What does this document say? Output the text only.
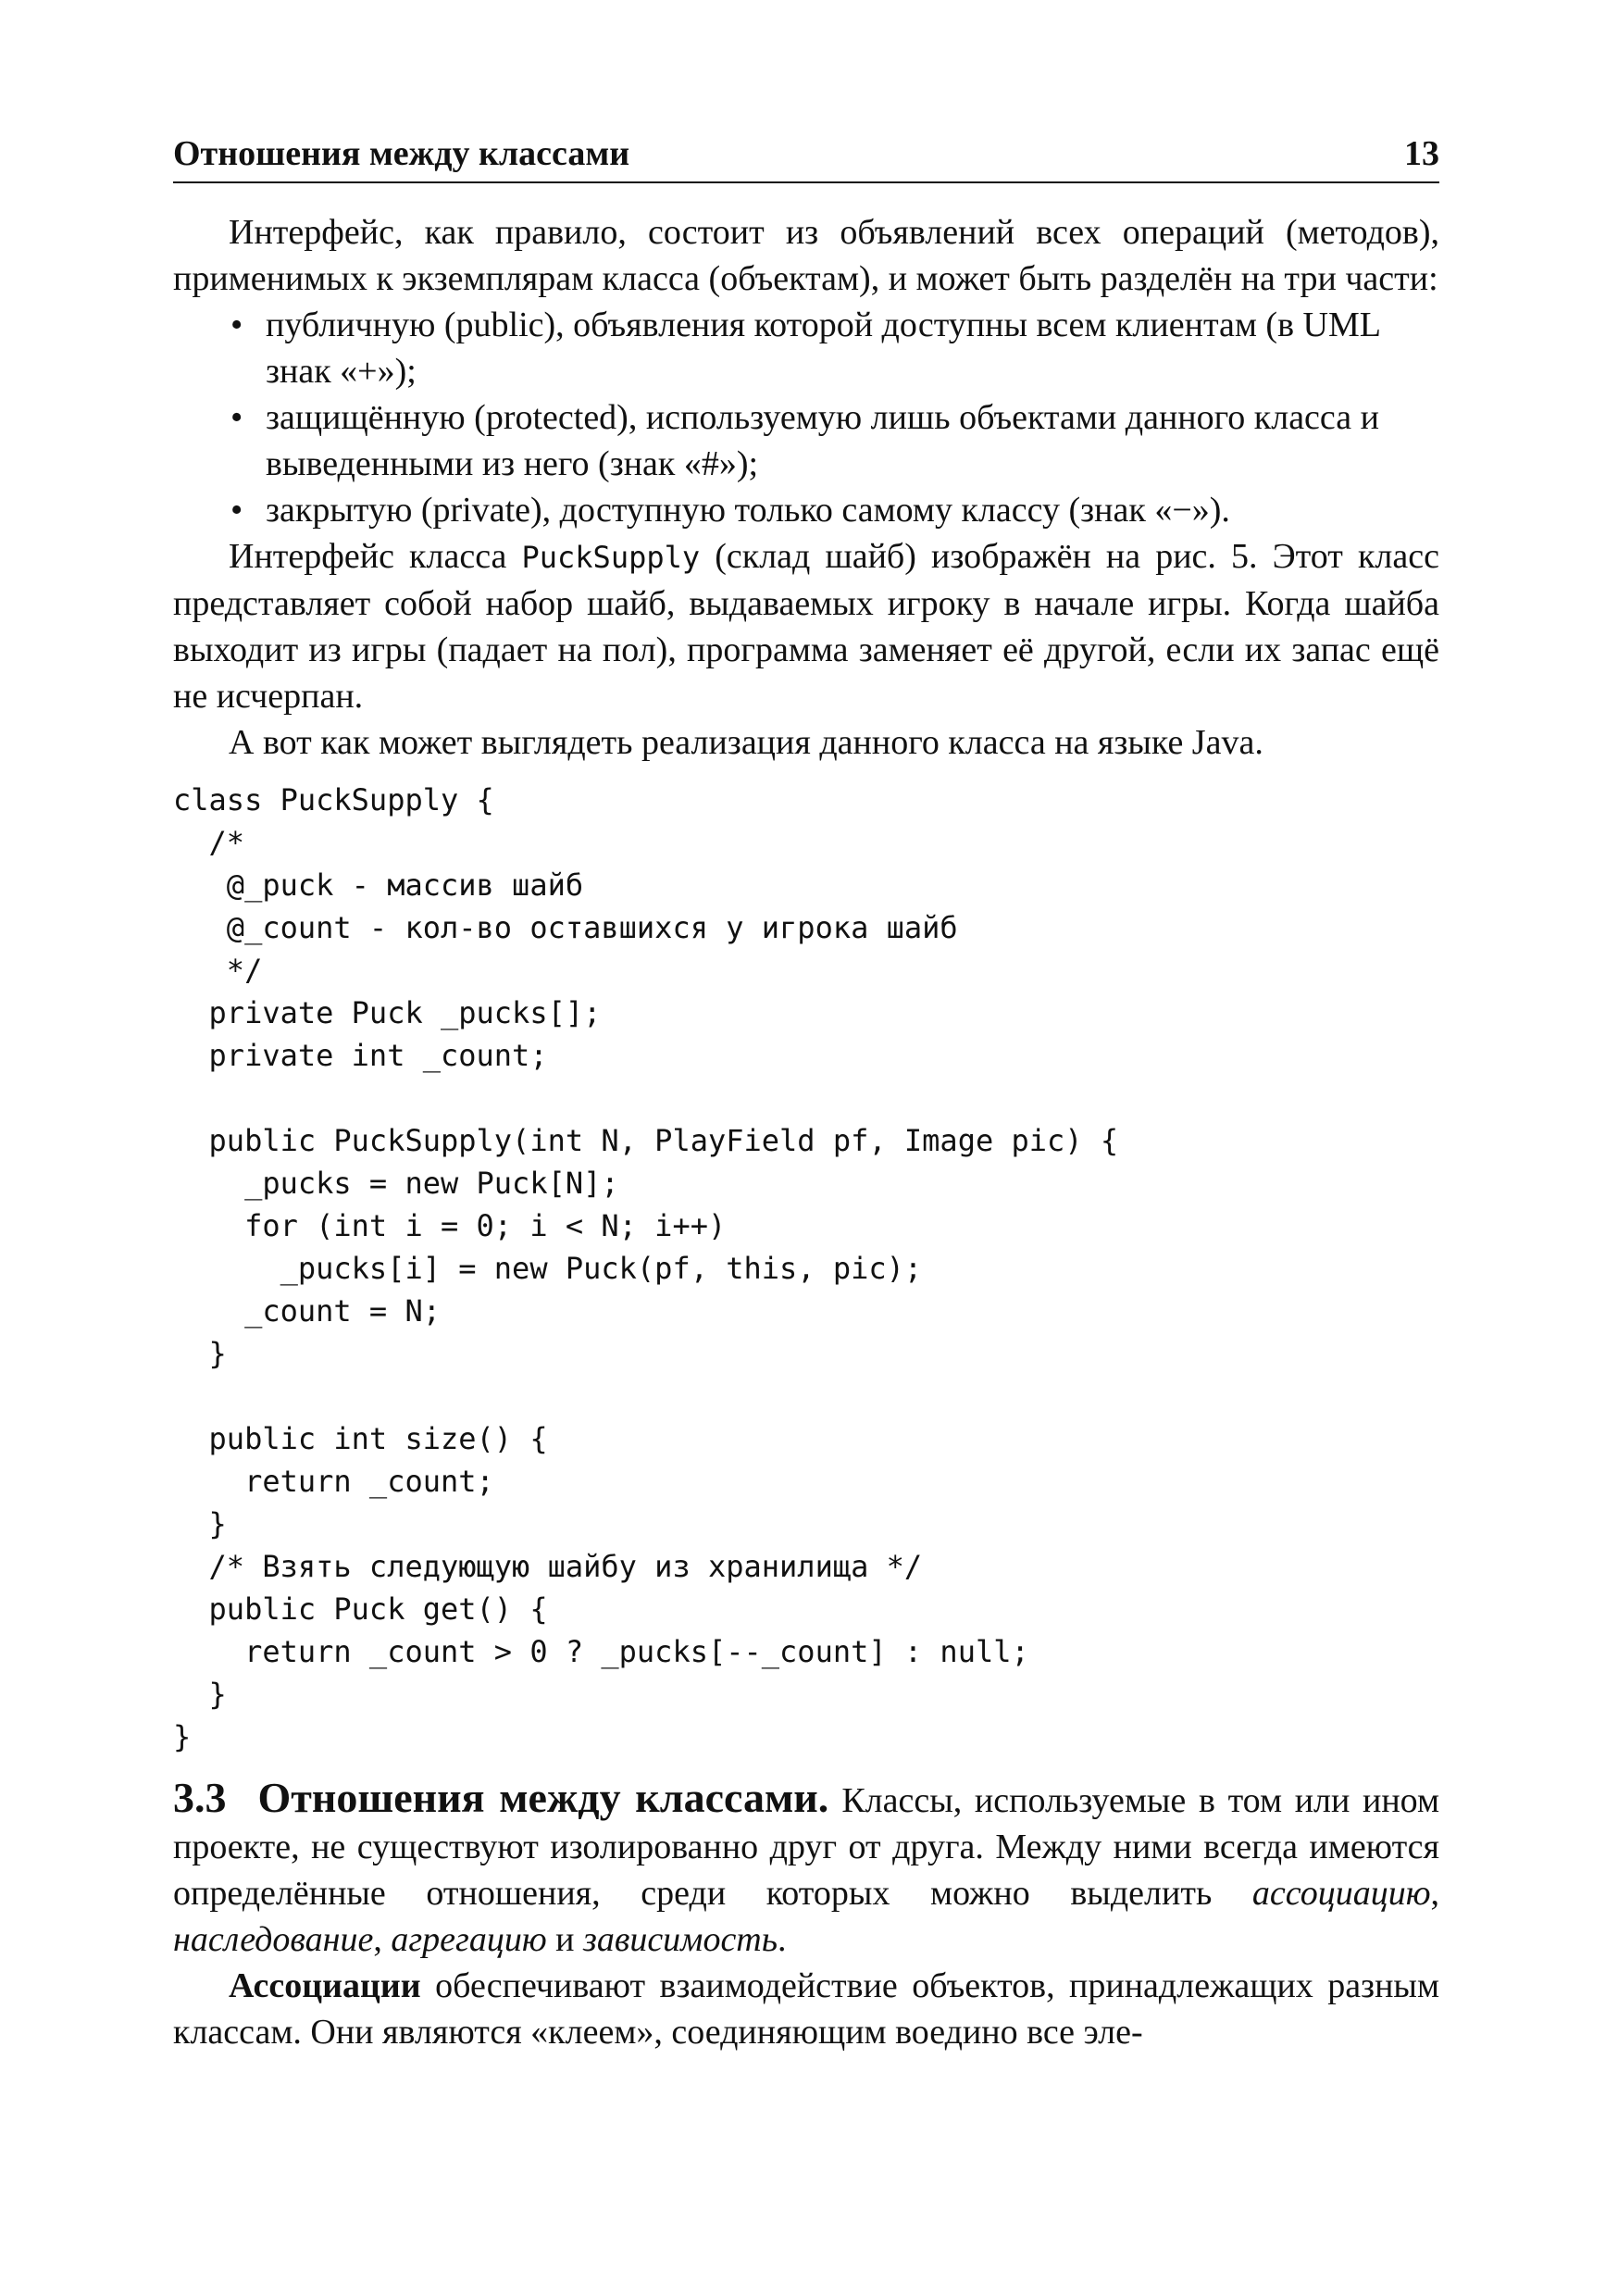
Отношения между классами	13

Интерфейс, как правило, состоит из объявлений всех операций (методов), применимых к экземплярам класса (объектам), и может быть разделён на три части:

• публичную (public), объявления которой доступны всем клиентам (в UML знак «+»);
• защищённую (protected), используемую лишь объектами данного класса и выведенными из него (знак «#»);
• закрытую (private), доступную только самому классу (знак «−»).

Интерфейс класса PuckSupply (склад шайб) изображён на рис. 5. Этот класс представляет собой набор шайб, выдаваемых игроку в начале игры. Когда шайба выходит из игры (падает на пол), программа заменяет её другой, если их запас ещё не исчерпан.

А вот как может выглядеть реализация данного класса на языке Java.

class PuckSupply {
/*
@_puck - массив шайб
@_count - кол-во оставшихся у игрока шайб
*/
private Puck _pucks[];
private int _count;

public PuckSupply(int N, PlayField pf, Image pic) {
_pucks = new Puck[N];
for (int i = 0; i < N; i++)
_pucks[i] = new Puck(pf, this, pic);
_count = N;
}

public int size() {
return _count;
}
/* Взять следующую шайбу из хранилища */
public Puck get() {
return _count > 0 ? _pucks[--_count] : null;
}
}

3.3 Отношения между классами. Классы, используемые в том или ином проекте, не существуют изолированно друг от друга. Между ними всегда имеются определённые отношения, среди которых можно выделить ассоциацию, наследование, агрегацию и зависимость.

Ассоциации обеспечивают взаимодействие объектов, принадлежащих разным классам. Они являются «клеем», соединяющим воедино все эле-
